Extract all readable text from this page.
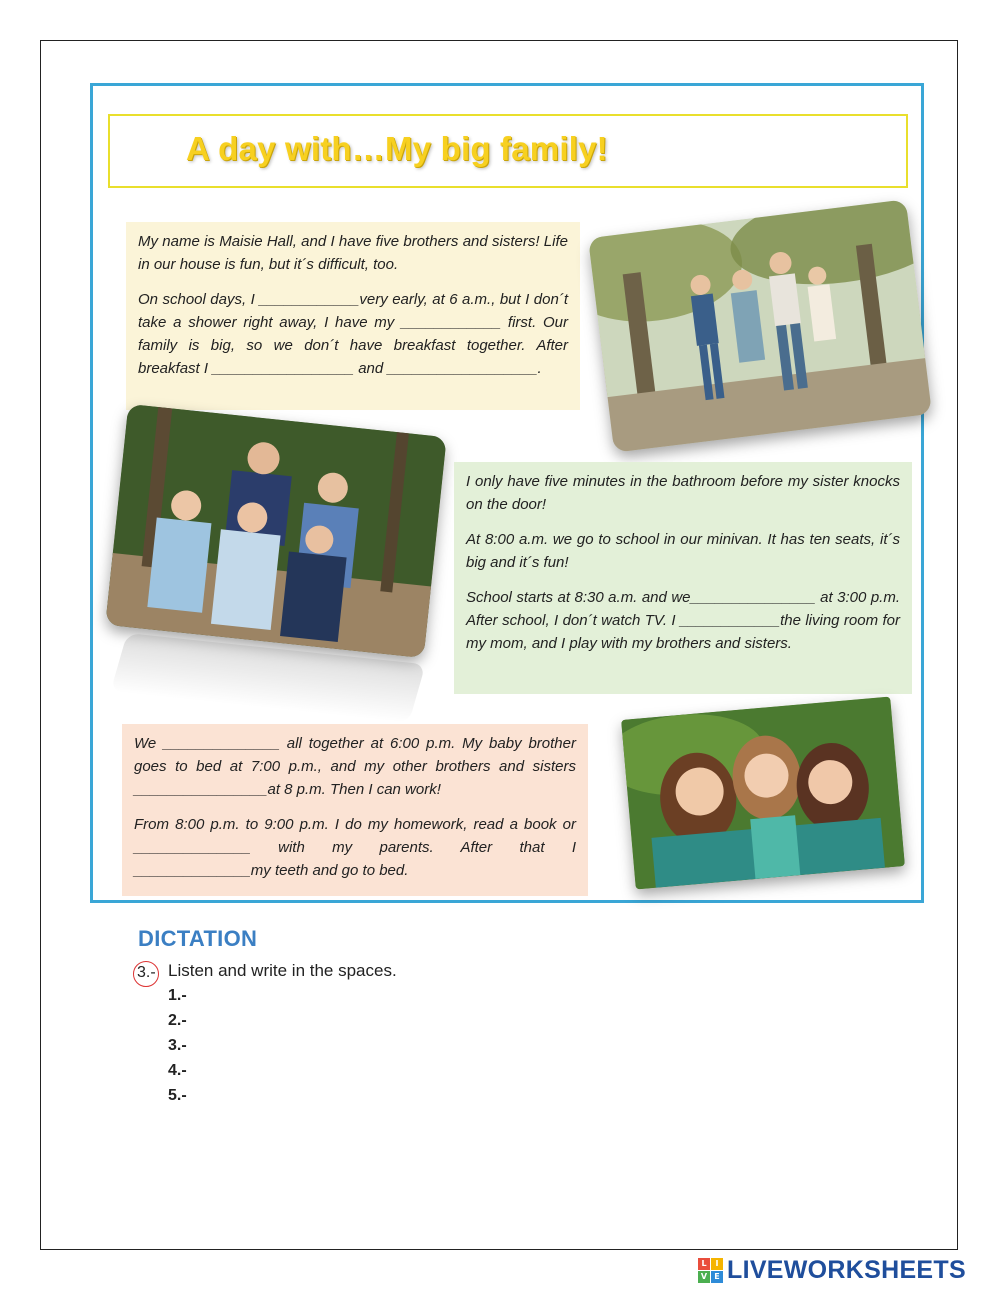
A day with…My big family!

My name is Maisie Hall, and I have five brothers and sisters! Life in our house is fun, but it´s difficult, too.

On school days, I ____________very early, at 6 a.m., but I don´t take a shower right away, I have my ____________ first. Our family is big, so we don´t have breakfast together. After breakfast I _________________ and __________________.

I only have five minutes in the bathroom before my sister knocks on the door!

At 8:00 a.m. we go to school in our minivan. It has ten seats, it´s big and it´s fun!

School starts at 8:30 a.m. and we_______________ at 3:00 p.m. After school, I don´t watch TV. I ____________the living room for my mom, and I play with my brothers and sisters.

We ______________ all together at 6:00 p.m. My baby brother goes to bed at 7:00 p.m., and my other brothers and sisters ________________at 8 p.m. Then I can work!

From 8:00 p.m. to 9:00 p.m. I do my homework, read a book or ______________ with my parents. After that I ______________my teeth and go to bed.

DICTATION
3.- Listen and write in the spaces.
1.-
2.-
3.-
4.-
5.-
L	I
V E LIVEWORKSHEETS
